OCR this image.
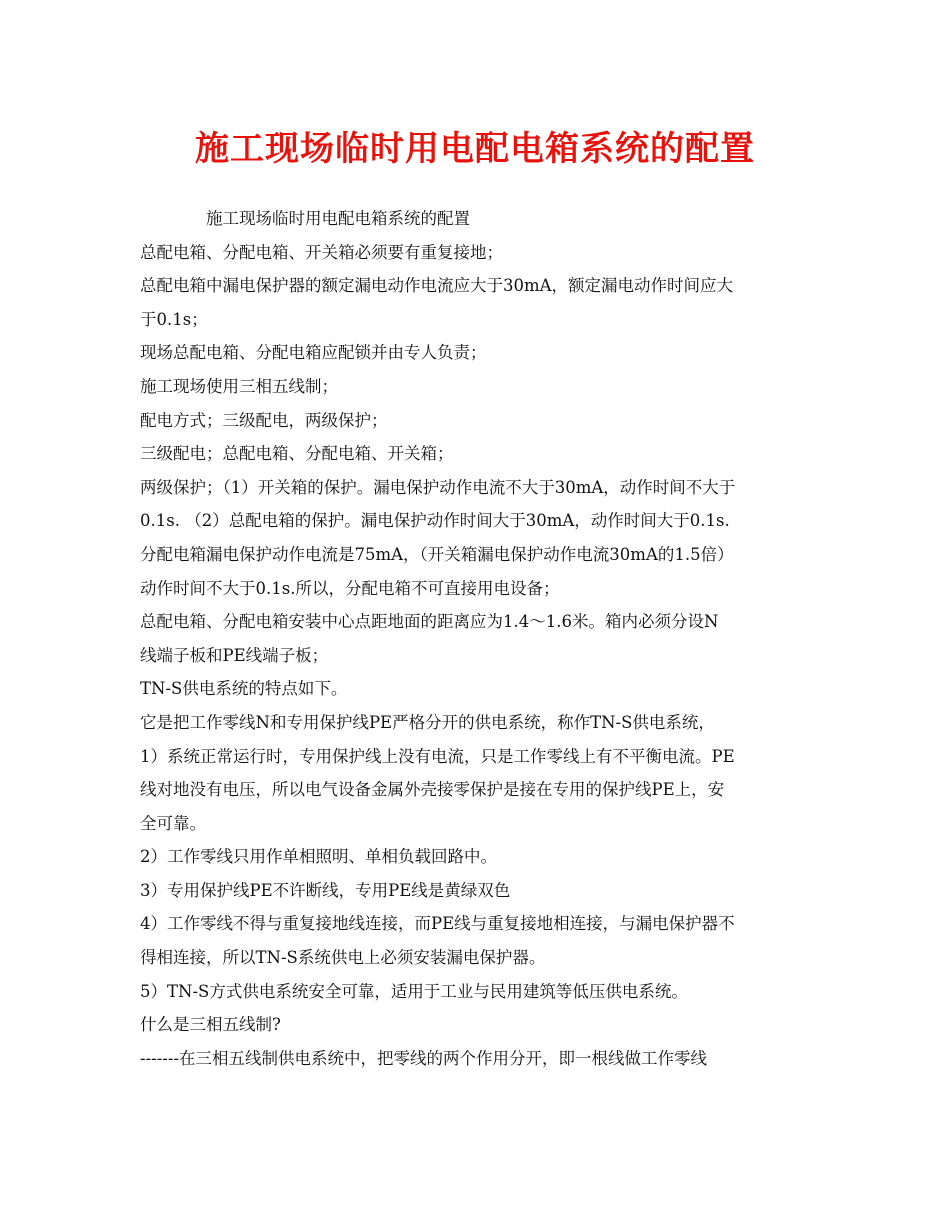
施工现场临时用电配电箱系统的配置
施工现场临时用电配电箱系统的配置
总配电箱、分配电箱、开关箱必须要有重复接地；
总配电箱中漏电保护器的额定漏电动作电流应大于30mA，额定漏电动作时间应大
于0.1s；
现场总配电箱、分配电箱应配锁并由专人负责；
施工现场使用三相五线制；
配电方式；三级配电，两级保护；
三级配电；总配电箱、分配电箱、开关箱；
两级保护；（1）开关箱的保护。漏电保护动作电流不大于30mA，动作时间不大于
0.1s. （2）总配电箱的保护。漏电保护动作时间大于30mA，动作时间大于0.1s.
分配电箱漏电保护动作电流是75mA，（开关箱漏电保护动作电流30mA的1.5倍）
动作时间不大于0.1s.所以，分配电箱不可直接用电设备；
总配电箱、分配电箱安装中心点距地面的距离应为1.4～1.6米。箱内必须分设N
线端子板和PE线端子板；
TN-S供电系统的特点如下。
它是把工作零线N和专用保护线PE严格分开的供电系统，称作TN-S供电系统，
1）系统正常运行时，专用保护线上没有电流，只是工作零线上有不平衡电流。PE
线对地没有电压，所以电气设备金属外壳接零保护是接在专用的保护线PE上，安
全可靠。
2）工作零线只用作单相照明、单相负载回路中。
3）专用保护线PE不许断线，专用PE线是黄绿双色
4）工作零线不得与重复接地线连接，而PE线与重复接地相连接，与漏电保护器不
得相连接，所以TN-S系统供电上必须安装漏电保护器。
5）TN-S方式供电系统安全可靠，适用于工业与民用建筑等低压供电系统。
什么是三相五线制?
-------在三相五线制供电系统中，把零线的两个作用分开，即一根线做工作零线
